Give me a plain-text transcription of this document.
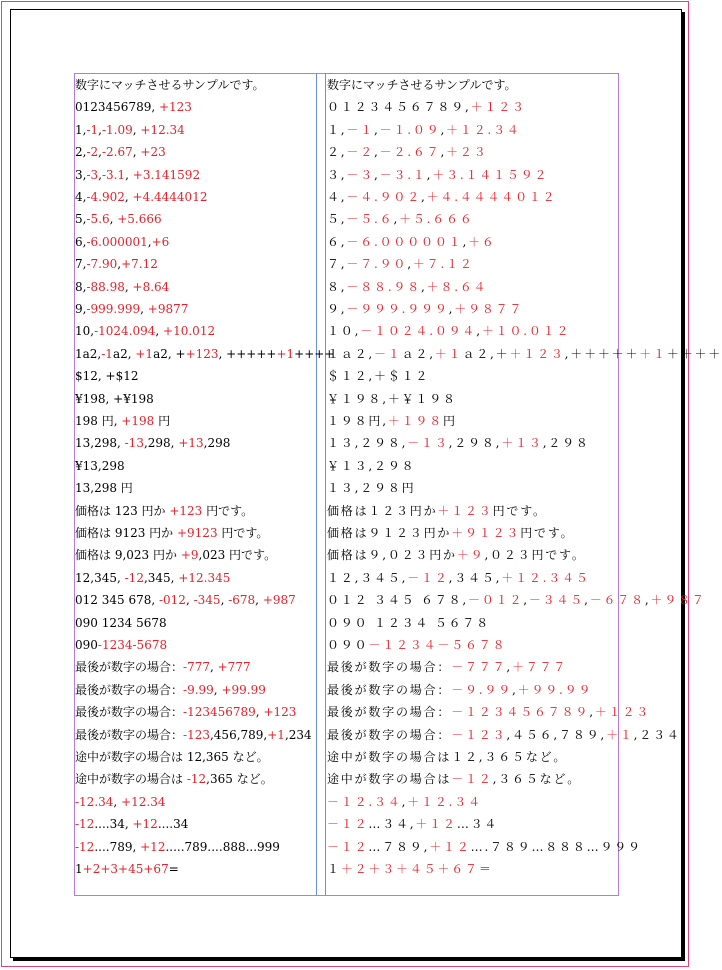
数字にマッチさせるサンプルです。
0123456789, +123
1,-1,-1.09, +12.34
2,-2,-2.67, +23
3,-3,-3.1, +3.141592
4,-4.902, +4.4444012
5,-5.6, +5.666
6,-6.000001,+6
7,-7.90,+7.12
8,-88.98, +8.64
9,-999.999, +9877
10,-1024.094, +10.012
1a2,-1a2, +1a2, ++123, ++++++1++++
$12, +$12
¥198, +¥198
198 円, +198 円
13,298, -13,298, +13,298
¥13,298
13,298 円
価格は 123 円か +123 円です。
価格は 9123 円か +9123 円です。
価格は 9,023 円か +9,023 円です。
12,345, -12,345, +12.345
012 345 678, -012, -345, -678, +987
090 1234 5678
090-1234-5678
最後が数字の場合：-777, +777
最後が数字の場合：-9.99, +99.99
最後が数字の場合：-123456789, +123
最後が数字の場合：-123,456,789,+1,234
途中が数字の場合は 12,365 など。
途中が数字の場合は -12,365 など。
-12.34, +12.34
-12....34, +12....34
-12....789, +12.....789....888...999
1+2+3+45+67=
数字にマッチさせるサンプルです。
０１２３４５６７８９,＋１２３
１,－１,－１.０９,＋１２.３４
２,－２,－２.６７,＋２３
３,－３,－３.１,＋３.１４１５９２
４,－４.９０２,＋４.４４４４０１２
５,－５.６,＋５.６６６
６,－６.０００００１,＋６
７,－７.９０,＋７.１２
８,－８８.９８,＋８.６４
９,－９９９.９９９,＋９８７７
１０,－１０２４.０９４,＋１０.０１２
１ａ２,－１ａ２,＋１ａ２,＋＋１２３,＋＋＋＋＋＋１＋＋＋＋
＄１２,＋＄１２
￥１９８,＋￥１９８
１９８円,＋１９８円
１３,２９８,－１３,２９８,＋１３,２９８
￥１３,２９８
１３,２９８円
価格は１２３円か＋１２３円です。
価格は９１２３円か＋９１２３円です。
価格は９,０２３円か＋９,０２３円です。
１２,３４５,－１２,３４５,＋１２.３４５
０１２ ３４５ ６７８,－０１２,－３４５,－６７８,＋９８７
０９０ １２３４ ５６７８
０９０－１２３４－５６７８
最後が数字の場合：－７７７,＋７７７
最後が数字の場合：－９.９９,＋９９.９９
最後が数字の場合：－１２３４５６７８９,＋１２３
最後が数字の場合：－１２３,４５６,７８９,＋１,２３４
途中が数字の場合は１２,３６５など。
途中が数字の場合は－１２,３６５など。
－１２.３４,＋１２.３４
－１２…３４,＋１２…３４
－１２…７８９,＋１２….７８９…８８８…９９９
１＋２＋３＋４５＋６７＝
